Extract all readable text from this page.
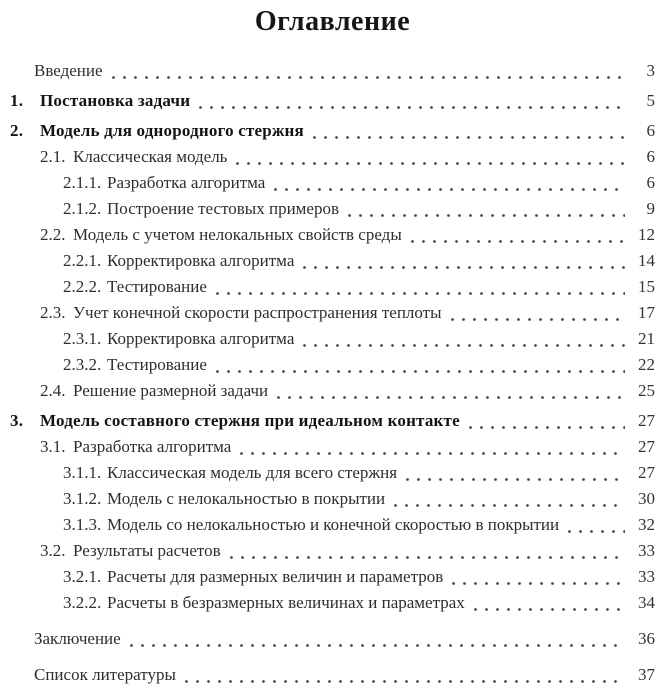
Оглавление
Введение	3
1. Постановка задачи	5
2. Модель для однородного стержня	6
2.1. Классическая модель	6
2.1.1. Разработка алгоритма	6
2.1.2. Построение тестовых примеров	9
2.2. Модель с учетом нелокальных свойств среды	12
2.2.1. Корректировка алгоритма	14
2.2.2. Тестирование	15
2.3. Учет конечной скорости распространения теплоты	17
2.3.1. Корректировка алгоритма	21
2.3.2. Тестирование	22
2.4. Решение размерной задачи	25
3. Модель составного стержня при идеальном контакте	27
3.1. Разработка алгоритма	27
3.1.1. Классическая модель для всего стержня	27
3.1.2. Модель с нелокальностью в покрытии	30
3.1.3. Модель со нелокальностью и конечной скоростью в покрытии	32
3.2. Результаты расчетов	33
3.2.1. Расчеты для размерных величин и параметров	33
3.2.2. Расчеты в безразмерных величинах и параметрах	34
Заключение	36
Список литературы	37
